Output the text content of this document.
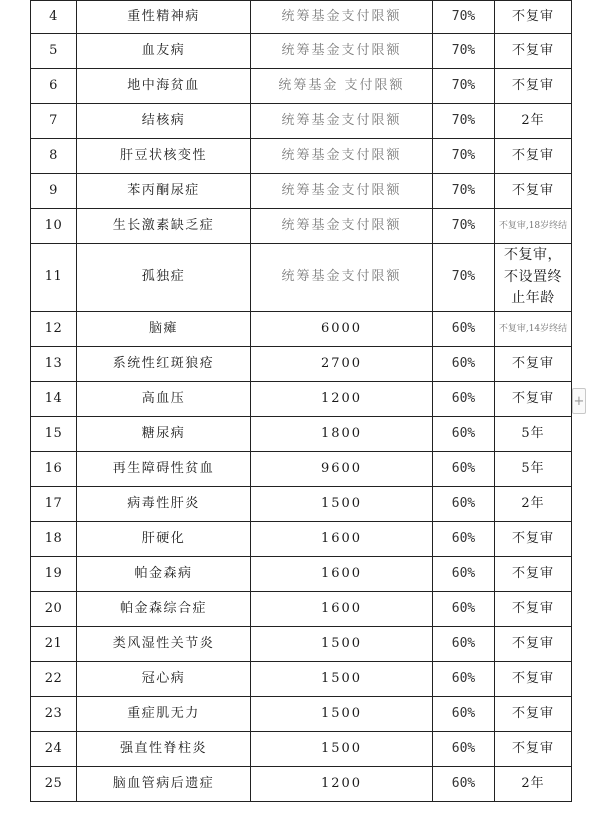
4	重性精神病	统筹基金支付限额	70%	不复审
5	血友病	统筹基金支付限额	70%	不复审
6	地中海贫血	统筹基金 支付限额	70%	不复审
7	结核病	统筹基金支付限额	70%	2年
8	肝豆状核变性	统筹基金支付限额	70%	不复审
9	苯丙酮尿症	统筹基金支付限额	70%	不复审
10	生长激素缺乏症	统筹基金支付限额	70%	不复审,18岁终结
11	孤独症	统筹基金支付限额	70%	不复审，不设置终止年龄
12	脑瘫	6000	60%	不复审,14岁终结
13	系统性红斑狼疮	2700	60%	不复审
14	高血压	1200	60%	不复审
15	糖尿病	1800	60%	5年
16	再生障碍性贫血	9600	60%	5年
17	病毒性肝炎	1500	60%	2年
18	肝硬化	1600	60%	不复审
19	帕金森病	1600	60%	不复审
20	帕金森综合症	1600	60%	不复审
21	类风湿性关节炎	1500	60%	不复审
22	冠心病	1500	60%	不复审
23	重症肌无力	1500	60%	不复审
24	强直性脊柱炎	1500	60%	不复审
25	脑血管病后遗症	1200	60%	2年
+
